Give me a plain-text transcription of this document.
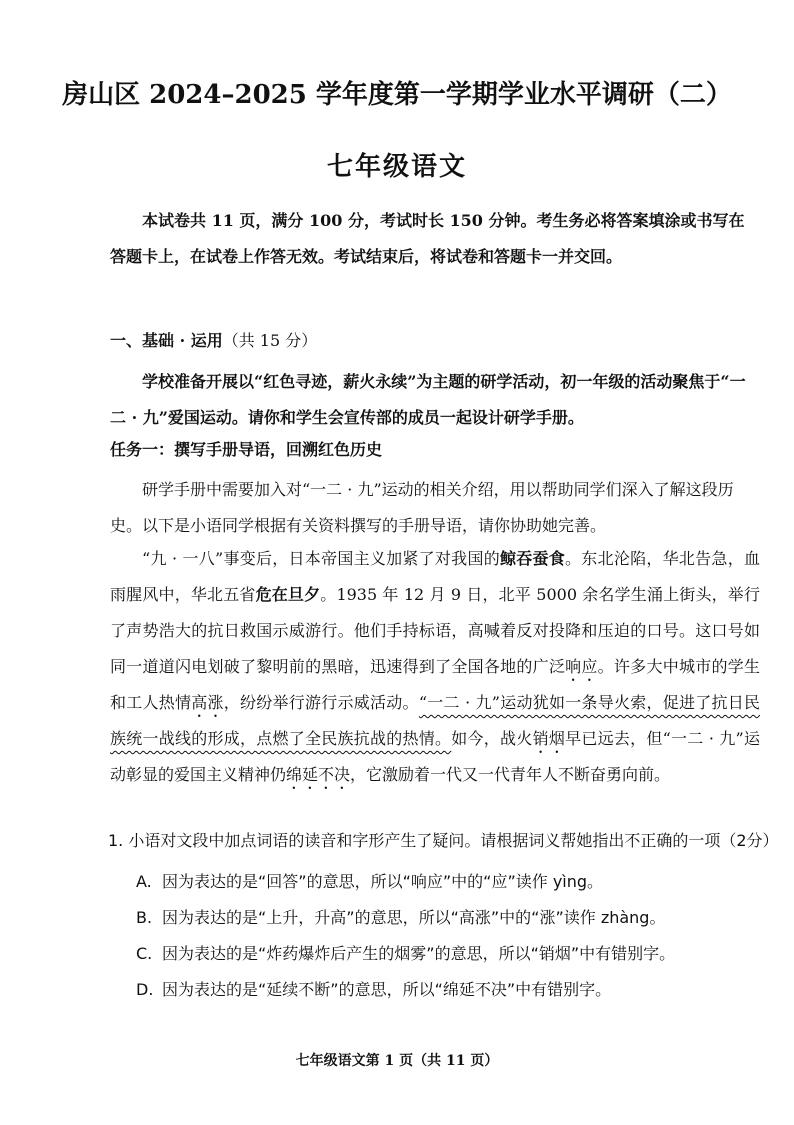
房山区 2024–2025 学年度第一学期学业水平调研（二）
七年级语文
本试卷共 11 页，满分 100 分，考试时长 150 分钟。考生务必将答案填涂或书写在答题卡上，在试卷上作答无效。考试结束后，将试卷和答题卡一并交回。
一、基础 · 运用（共 15 分）
学校准备开展以“红色寻迹，薪火永续”为主题的研学活动，初一年级的活动聚焦于“一二 · 九”爱国运动。请你和学生会宣传部的成员一起设计研学手册。
任务一：撰写手册导语，回溯红色历史
研学手册中需要加入对“一二 · 九”运动的相关介绍，用以帮助同学们深入了解这段历史。以下是小语同学根据有关资料撰写的手册导语，请你协助她完善。
“九 · 一八”事变后，日本帝国主义加紧了对我国的鲸吞蚕食。东北沦陷，华北告急，血雨腥风中，华北五省危在旦夕。1935 年 12 月 9 日，北平 5000 余名学生涌上街头，举行了声势浩大的抗日救国示威游行。他们手持标语，高喊着反对投降和压迫的口号。这口号如同一道道闪电划破了黎明前的黑暗，迅速得到了全国各地的广泛响应。许多大中城市的学生和工人热情高涨，纷纷举行游行示威活动。“一二 · 九”运动犹如一条导火索，促进了抗日民族统一战线的形成，点燃了全民族抗战的热情。如今，战火销烟早已远去，但“一二 · 九”运动彰显的爱国主义精神仍绵延不决，它激励着一代又一代青年人不断奋勇向前。
1. 小语对文段中加点词语的读音和字形产生了疑问。请根据词义帮她指出不正确的一项（2分）
A. 因为表达的是“回答”的意思，所以“响应”中的“应”读作 yìng。
B. 因为表达的是“上升，升高”的意思，所以“高涨”中的“涨”读作 zhàng。
C. 因为表达的是“炸药爆炸后产生的烟雾”的意思，所以“销烟”中有错别字。
D. 因为表达的是“延续不断”的意思，所以“绵延不决”中有错别字。
七年级语文第 1 页（共 11 页）
